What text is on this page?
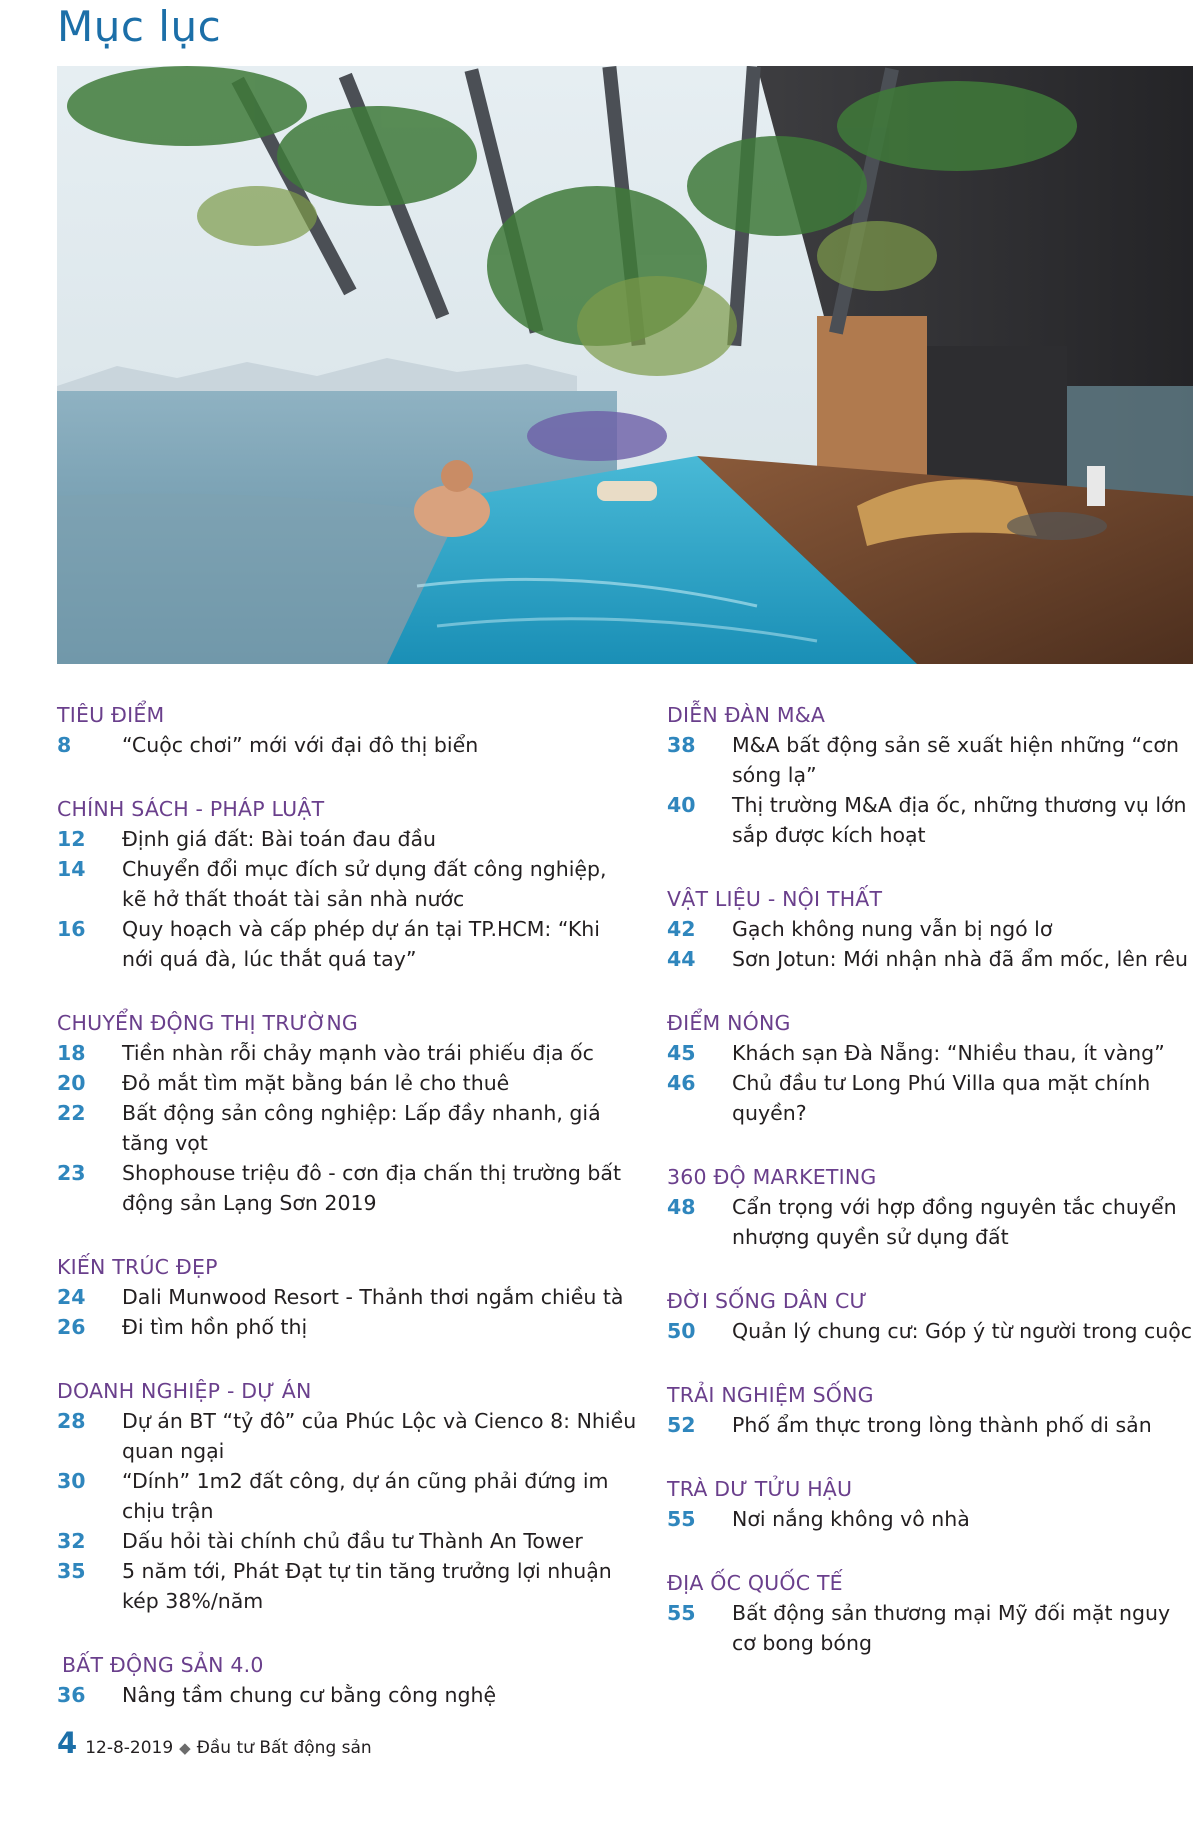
Mục lục
TIÊU ĐIỂM
8	“Cuộc chơi” mới với đại đô thị biển
CHÍNH SÁCH - PHÁP LUẬT
12	Định giá đất: Bài toán đau đầu
14	Chuyển đổi mục đích sử dụng đất công nghiệp, kẽ hở thất thoát tài sản nhà nước
16	Quy hoạch và cấp phép dự án tại TP.HCM: “Khi nới quá đà, lúc thắt quá tay”
CHUYỂN ĐỘNG THỊ TRƯỜNG
18	Tiền nhàn rỗi chảy mạnh vào trái phiếu địa ốc
20	Đỏ mắt tìm mặt bằng bán lẻ cho thuê
22	Bất động sản công nghiệp: Lấp đầy nhanh, giá tăng vọt
23	Shophouse triệu đô - cơn địa chấn thị trường bất động sản Lạng Sơn 2019
KIẾN TRÚC ĐẸP
24	Dali Munwood Resort - Thảnh thơi ngắm chiều tà
26	Đi tìm hồn phố thị
DOANH NGHIỆP - DỰ ÁN
28	Dự án BT “tỷ đô” của Phúc Lộc và Cienco 8: Nhiều quan ngại
30	“Dính” 1m2 đất công, dự án cũng phải đứng im chịu trận
32	Dấu hỏi tài chính chủ đầu tư Thành An Tower
35	5 năm tới, Phát Đạt tự tin tăng trưởng lợi nhuận kép 38%/năm
BẤT ĐỘNG SẢN 4.0
36	Nâng tầm chung cư bằng công nghệ
DIỄN ĐÀN M&A
38	M&A bất động sản sẽ xuất hiện những “cơn sóng lạ”
40	Thị trường M&A địa ốc, những thương vụ lớn sắp được kích hoạt
VẬT LIỆU - NỘI THẤT
42	Gạch không nung vẫn bị ngó lơ
44	Sơn Jotun: Mới nhận nhà đã ẩm mốc, lên rêu
ĐIỂM NÓNG
45	Khách sạn Đà Nẵng: “Nhiều thau, ít vàng”
46	Chủ đầu tư Long Phú Villa qua mặt chính quyền?
360 ĐỘ MARKETING
48	Cẩn trọng với hợp đồng nguyên tắc chuyển nhượng quyền sử dụng đất
ĐỜI SỐNG DÂN CƯ
50	Quản lý chung cư: Góp ý từ người trong cuộc
TRẢI NGHIỆM SỐNG
52	Phố ẩm thực trong lòng thành phố di sản
TRÀ DƯ TỬU HẬU
55	Nơi nắng không vô nhà
ĐỊA ỐC QUỐC TẾ
55	Bất động sản thương mại Mỹ đối mặt nguy cơ bong bóng
4 12-8-2019 ◆ Đầu tư Bất động sản
